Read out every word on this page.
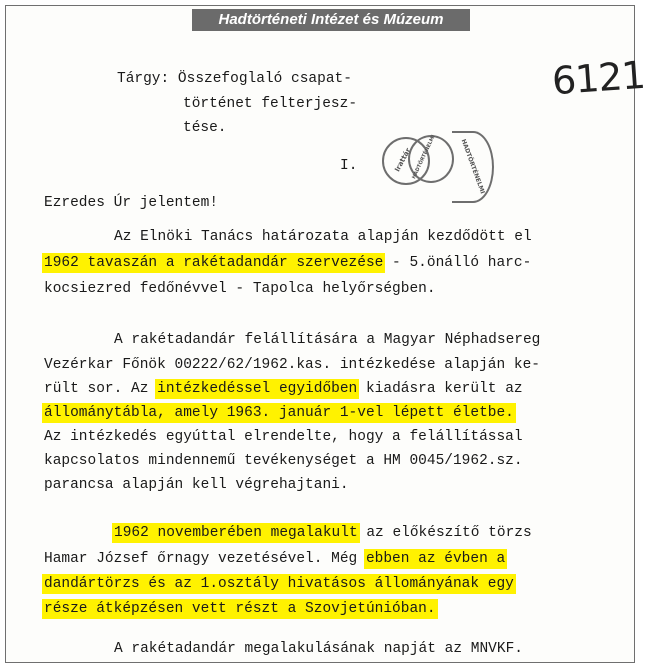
Hadtörténeti Intézet és Múzeum
Tárgy: Összefoglaló csapat-
történet felterjesz-
tése.
6121
Irattár
HADTÖRTÉNELMI	HADTÖRTÉNELMI
I.
Ezredes Úr jelentem!
Az Elnöki Tanács határozata alapján kezdődött el
1962 tavaszán a rakétadandár szervezése - 5.önálló harc-
kocsiezred fedőnévvel - Tapolca helyőrségben.
A rakétadandár felállítására a Magyar Néphadsereg
Vezérkar Főnök 00222/62/1962.kas. intézkedése alapján ke-
rült sor. Az intézkedéssel egyidőben kiadásra került az
állománytábla, amely 1963. január 1-vel lépett életbe.
Az intézkedés egyúttal elrendelte, hogy a felállítással
kapcsolatos mindennemű tevékenységet a HM 0045/1962.sz.
parancsa alapján kell végrehajtani.
1962 novemberében megalakult az előkészítő törzs
Hamar József őrnagy vezetésével. Még ebben az évben a
dandártörzs és az 1.osztály hivatásos állományának egy
része átképzésen vett részt a Szovjetúnióban.
A rakétadandár megalakulásának napját az MNVKF.
